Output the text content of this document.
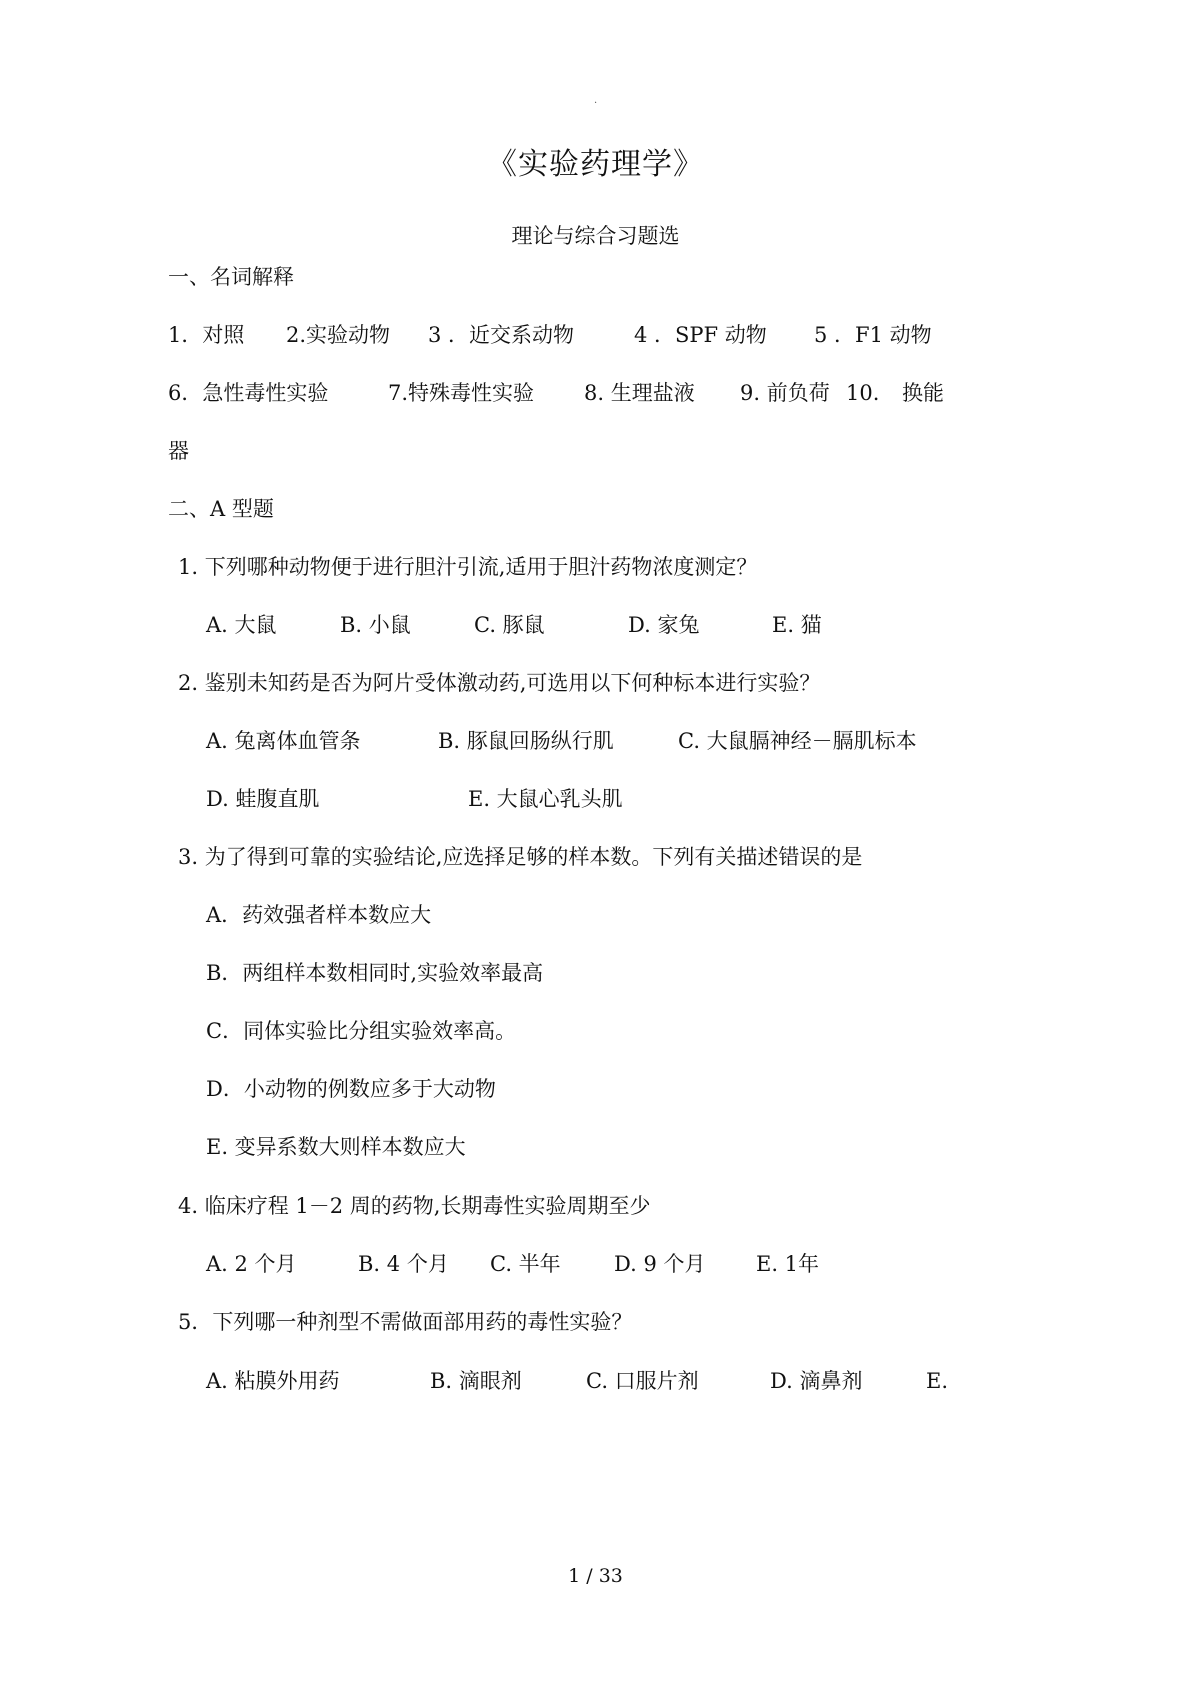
.
《实验药理学》
理论与综合习题选
一、名词解释
1．对照 2.实验动物 3 ．近交系动物	4 ．SPF 动物 5 ．F1 动物
6．急性毒性实验	7.特殊毒性实验 8. 生理盐液 9. 前负荷 10. 换能
器
二、A 型题
1. 下列哪种动物便于进行胆汁引流,适用于胆汁药物浓度测定？
A. 大鼠	B. 小鼠	C. 豚鼠	D. 家兔	E. 猫
2. 鉴别未知药是否为阿片受体激动药,可选用以下何种标本进行实验？
A. 兔离体血管条	B. 豚鼠回肠纵行肌	C. 大鼠膈神经－膈肌标本
D. 蛙腹直肌	E. 大鼠心乳头肌
3. 为了得到可靠的实验结论,应选择足够的样本数。下列有关描述错误的是
A．药效强者样本数应大
B．两组样本数相同时,实验效率最高
C．同体实验比分组实验效率高。
D．小动物的例数应多于大动物
E. 变异系数大则样本数应大
4. 临床疗程 1－2 周的药物,长期毒性实验周期至少
A. 2 个月	B. 4 个月 C. 半年	D. 9 个月 E. 1年
5．下列哪一种剂型不需做面部用药的毒性实验？
A. 粘膜外用药	B. 滴眼剂	C. 口服片剂	D. 滴鼻剂	E.
1 / 33
